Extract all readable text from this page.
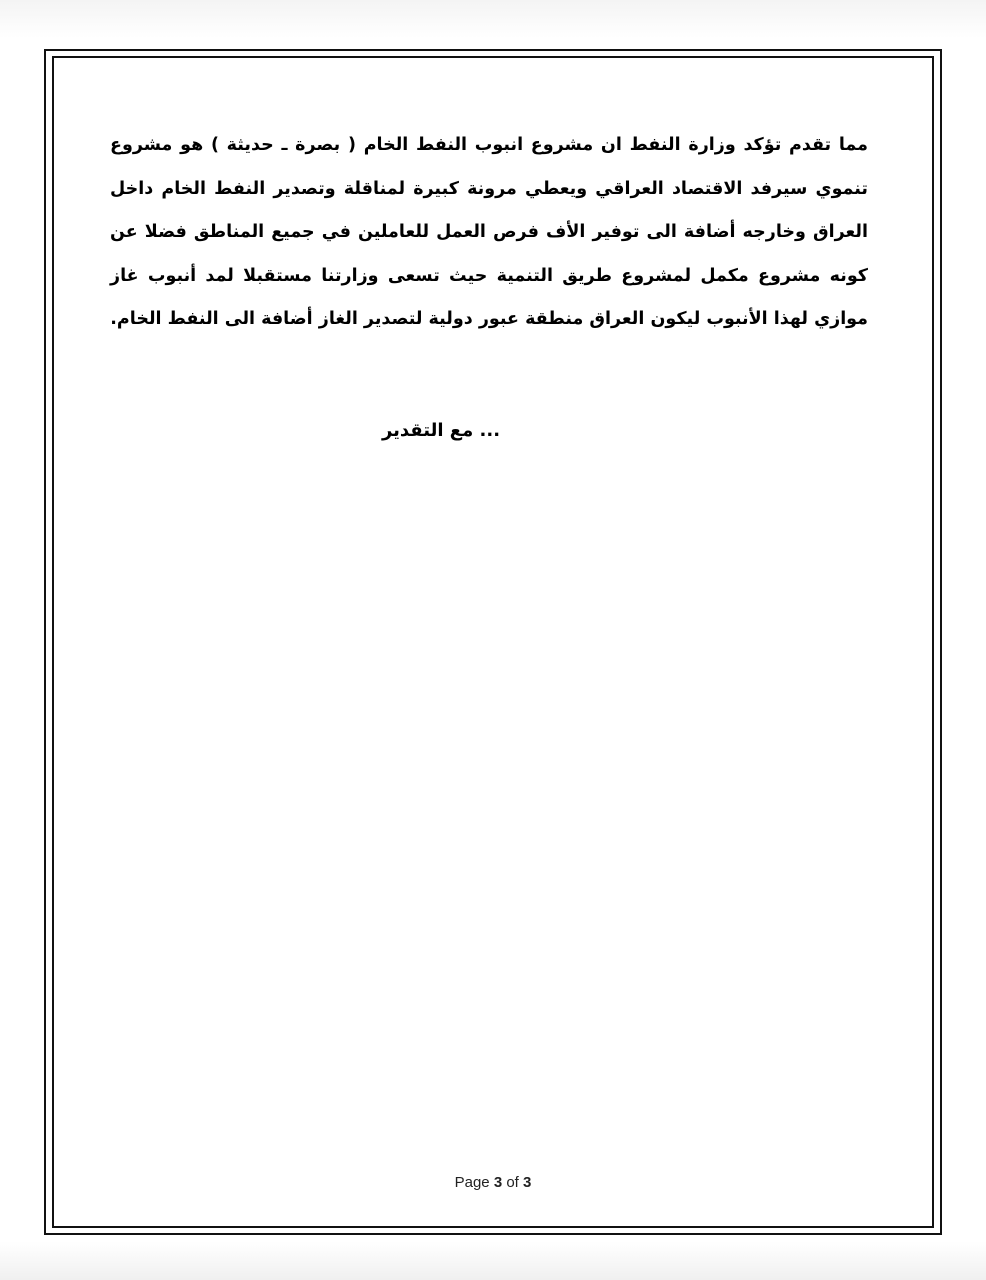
مما تقدم تؤكد وزارة النفط ان مشروع انبوب النفط الخام ( بصرة ـ حديثة ) هو مشروع تنموي سيرفد الاقتصاد العراقي ويعطي مرونة كبيرة لمناقلة وتصدير النفط الخام داخل العراق وخارجه أضافة الى توفير الأف فرص العمل للعاملين في جميع المناطق فضلا عن كونه مشروع مكمل لمشروع طريق التنمية حيث تسعى وزارتنا مستقبلا لمد أنبوب غاز موازي لهذا الأنبوب ليكون العراق منطقة عبور دولية لتصدير الغاز أضافة الى النفط الخام.
... مع التقدير
Page 3 of 3
